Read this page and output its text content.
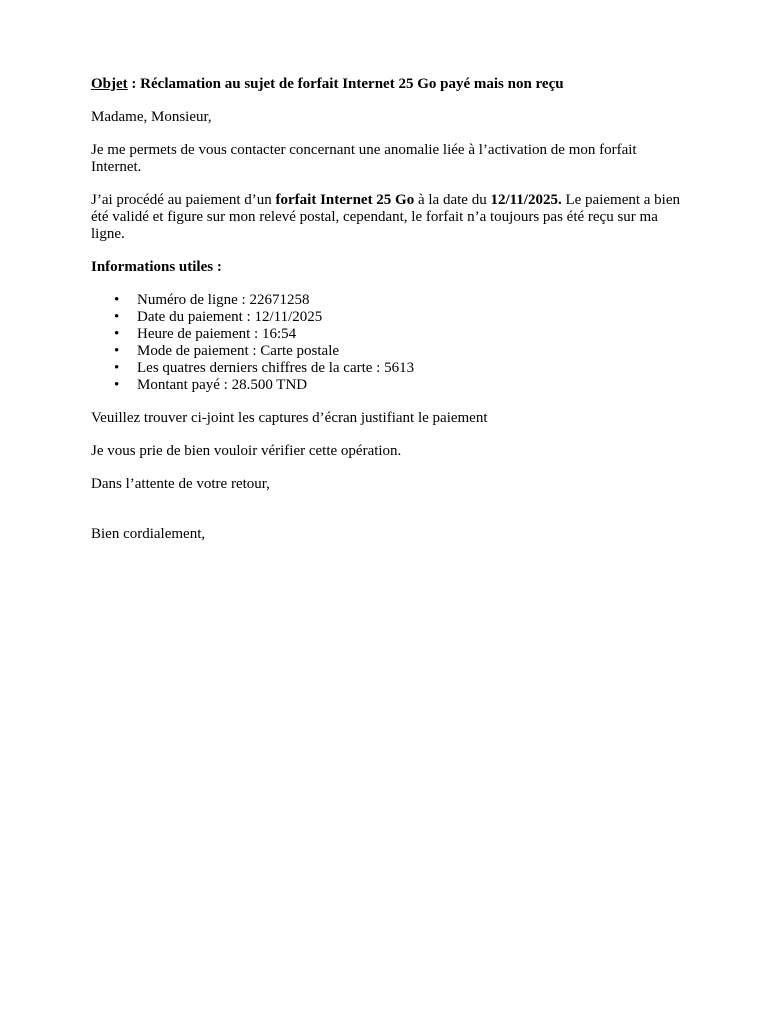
Objet : Réclamation au sujet de forfait Internet 25 Go payé mais non reçu

Madame, Monsieur,

Je me permets de vous contacter concernant une anomalie liée à l’activation de mon forfait Internet.

J’ai procédé au paiement d’un forfait Internet 25 Go à la date du 12/11/2025. Le paiement a bien été validé et figure sur mon relevé postal, cependant, le forfait n’a toujours pas été reçu sur ma ligne.

Informations utiles :

• Numéro de ligne : 22671258
• Date du paiement : 12/11/2025
• Heure de paiement : 16:54
• Mode de paiement : Carte postale
• Les quatres derniers chiffres de la carte : 5613
• Montant payé : 28.500 TND

Veuillez trouver ci-joint les captures d’écran justifiant le paiement

Je vous prie de bien vouloir vérifier cette opération.

Dans l’attente de votre retour,

Bien cordialement,
